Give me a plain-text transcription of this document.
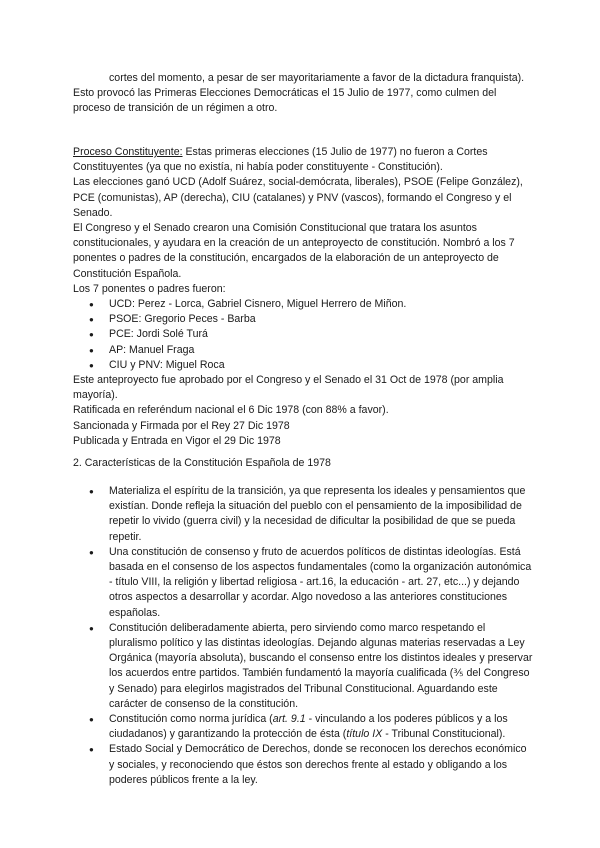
cortes del momento, a pesar de ser mayoritariamente a favor de la dictadura franquista).

Esto provocó las Primeras Elecciones Democráticas el 15 Julio de 1977, como culmen del proceso de transición de un régimen a otro.

Proceso Constituyente: Estas primeras elecciones (15 Julio de 1977) no fueron a Cortes Constituyentes (ya que no existía, ni había poder constituyente - Constitución).

Las elecciones ganó UCD (Adolf Suárez, social-demócrata, liberales), PSOE (Felipe González), PCE (comunistas), AP (derecha), CIU (catalanes) y PNV (vascos), formando el Congreso y el Senado.

El Congreso y el Senado crearon una Comisión Constitucional que tratara los asuntos constitucionales, y ayudara en la creación de un anteproyecto de constitución. Nombró a los 7 ponentes o padres de la constitución, encargados de la elaboración de un anteproyecto de Constitución Española.

Los 7 ponentes o padres fueron:

● UCD: Perez - Lorca, Gabriel Cisnero, Miguel Herrero de Miñon.
● PSOE: Gregorio Peces - Barba
● PCE: Jordi Solé Turá
● AP: Manuel Fraga
● CIU y PNV: Miguel Roca

Este anteproyecto fue aprobado por el Congreso y el Senado el 31 Oct de 1978 (por amplia mayoría).

Ratificada en referéndum nacional el 6 Dic 1978 (con 88% a favor).

Sancionada y Firmada por el Rey 27 Dic 1978

Publicada y Entrada en Vigor el 29 Dic 1978

2. Características de la Constitución Española de 1978

● Materializa el espíritu de la transición, ya que representa los ideales y pensamientos que existían. Donde refleja la situación del pueblo con el pensamiento de la imposibilidad de repetir lo vivido (guerra civil) y la necesidad de dificultar la posibilidad de que se pueda repetir.
● Una constitución de consenso y fruto de acuerdos políticos de distintas ideologías. Está basada en el consenso de los aspectos fundamentales (como la organización autonómica - título VIII, la religión y libertad religiosa - art.16, la educación - art. 27, etc...) y dejando otros aspectos a desarrollar y acordar. Algo novedoso a las anteriores constituciones españolas.
● Constitución deliberadamente abierta, pero sirviendo como marco respetando el pluralismo político y las distintas ideologías. Dejando algunas materias reservadas a Ley Orgánica (mayoría absoluta), buscando el consenso entre los distintos ideales y preservar los acuerdos entre partidos. También fundamentó la mayoría cualificada (⅗ del Congreso y Senado) para elegirlos magistrados del Tribunal Constitucional. Aguardando este carácter de consenso de la constitución.
● Constitución como norma jurídica (art. 9.1 - vinculando a los poderes públicos y a los ciudadanos) y garantizando la protección de ésta (título IX - Tribunal Constitucional).
● Estado Social y Democrático de Derechos, donde se reconocen los derechos económico y sociales, y reconociendo que éstos son derechos frente al estado y obligando a los poderes públicos frente a la ley.
